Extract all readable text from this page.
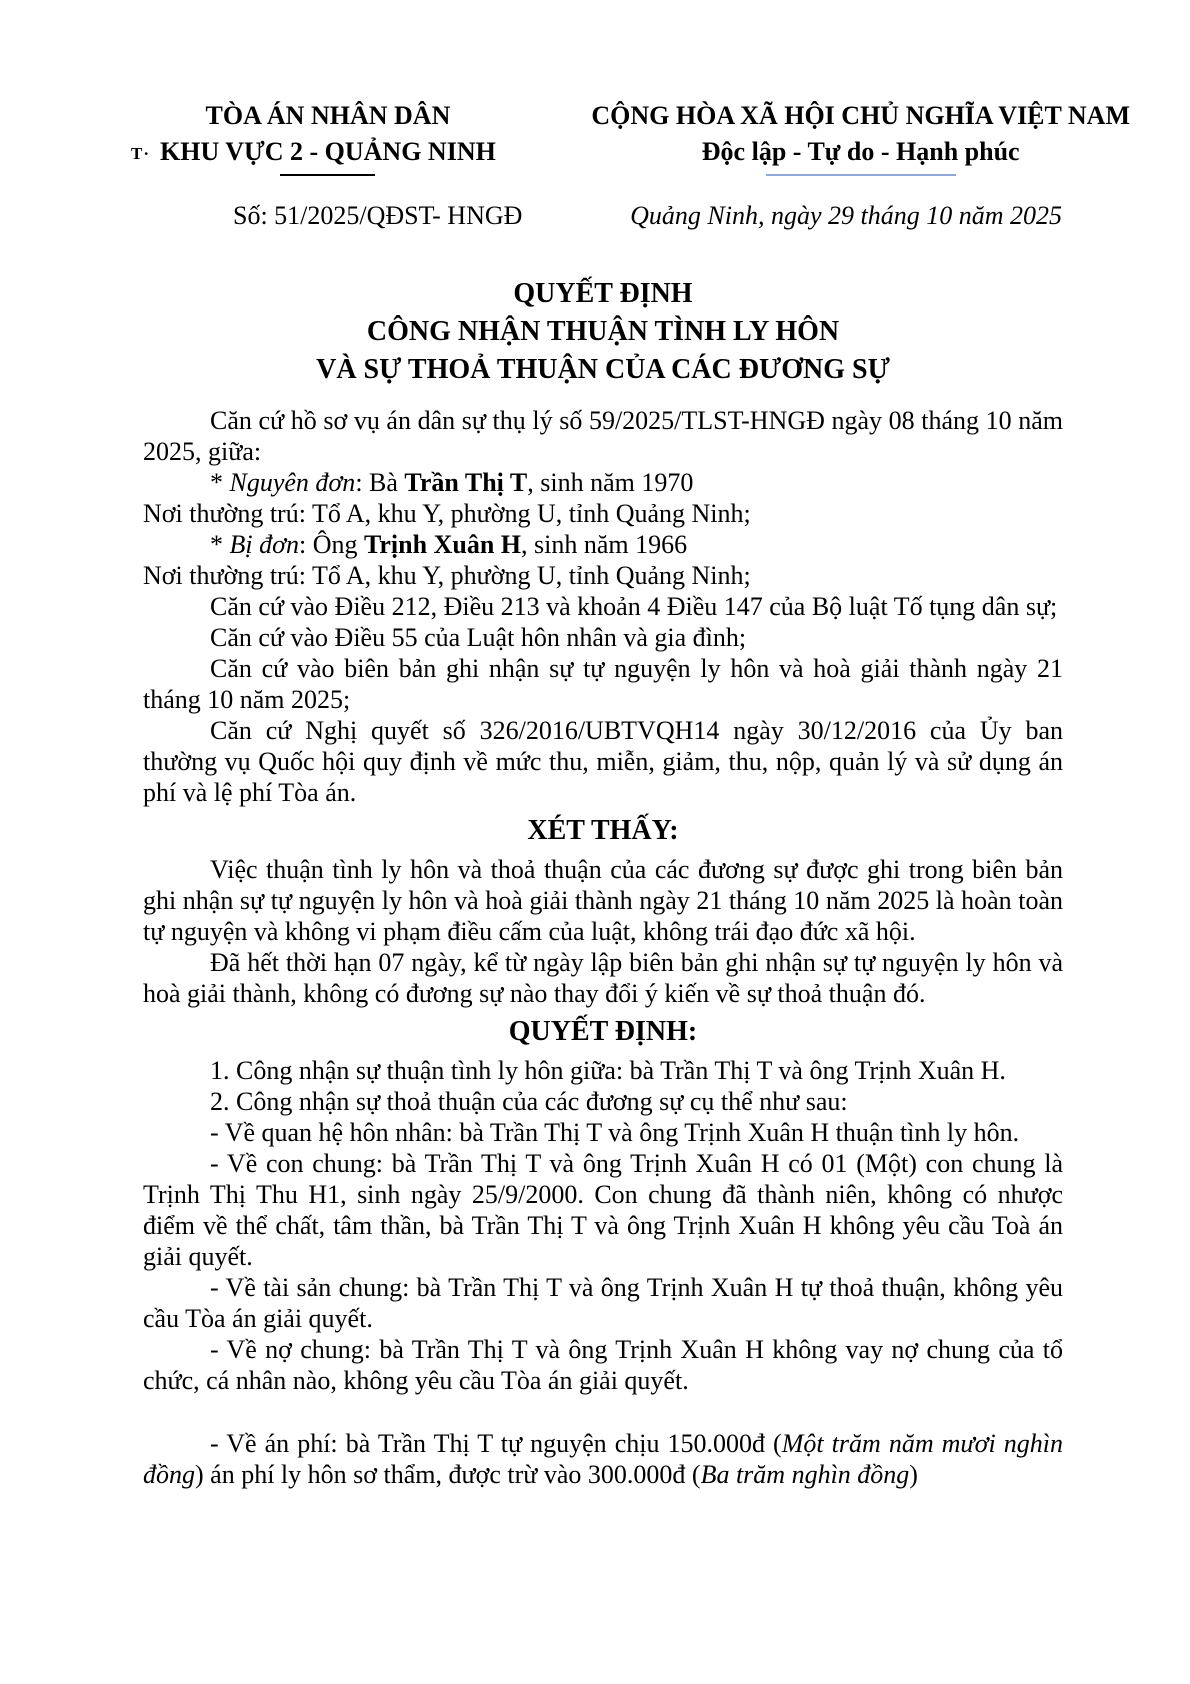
T·
TÒA ÁN NHÂN DÂN
KHU VỰC 2 - QUẢNG NINH
CỘNG HÒA XÃ HỘI CHỦ NGHĨA VIỆT NAM
Độc lập - Tự do - Hạnh phúc
Số: 51/2025/QĐST- HNGĐ	Quảng Ninh, ngày 29 tháng 10 năm 2025
QUYẾT ĐỊNH
CÔNG NHẬN THUẬN TÌNH LY HÔN
VÀ SỰ THOẢ THUẬN CỦA CÁC ĐƯƠNG SỰ

Căn cứ hồ sơ vụ án dân sự thụ lý số 59/2025/TLST-HNGĐ ngày 08 tháng 10 năm 2025, giữa:

* Nguyên đơn: Bà Trần Thị T, sinh năm 1970

Nơi thường trú: Tổ A, khu Y, phường U, tỉnh Quảng Ninh;

* Bị đơn: Ông Trịnh Xuân H, sinh năm 1966

Nơi thường trú: Tổ A, khu Y, phường U, tỉnh Quảng Ninh;

Căn cứ vào Điều 212, Điều 213 và khoản 4 Điều 147 của Bộ luật Tố tụng dân sự;

Căn cứ vào Điều 55 của Luật hôn nhân và gia đình;

Căn cứ vào biên bản ghi nhận sự tự nguyện ly hôn và hoà giải thành ngày 21 tháng 10 năm 2025;

Căn cứ Nghị quyết số 326/2016/UBTVQH14 ngày 30/12/2016 của Ủy ban thường vụ Quốc hội quy định về mức thu, miễn, giảm, thu, nộp, quản lý và sử dụng án phí và lệ phí Tòa án.

XÉT THẤY:

Việc thuận tình ly hôn và thoả thuận của các đương sự được ghi trong biên bản ghi nhận sự tự nguyện ly hôn và hoà giải thành ngày 21 tháng 10 năm 2025 là hoàn toàn tự nguyện và không vi phạm điều cấm của luật, không trái đạo đức xã hội.

Đã hết thời hạn 07 ngày, kể từ ngày lập biên bản ghi nhận sự tự nguyện ly hôn và hoà giải thành, không có đương sự nào thay đổi ý kiến về sự thoả thuận đó.

QUYẾT ĐỊNH:

1. Công nhận sự thuận tình ly hôn giữa: bà Trần Thị T và ông Trịnh Xuân H.

2. Công nhận sự thoả thuận của các đương sự cụ thể như sau:

- Về quan hệ hôn nhân: bà Trần Thị T và ông Trịnh Xuân H thuận tình ly hôn.

- Về con chung: bà Trần Thị T và ông Trịnh Xuân H có 01 (Một) con chung là Trịnh Thị Thu H1, sinh ngày 25/9/2000. Con chung đã thành niên, không có nhược điểm về thể chất, tâm thần, bà Trần Thị T và ông Trịnh Xuân H không yêu cầu Toà án giải quyết.

- Về tài sản chung: bà Trần Thị T và ông Trịnh Xuân H tự thoả thuận, không yêu cầu Tòa án giải quyết.

- Về nợ chung: bà Trần Thị T và ông Trịnh Xuân H không vay nợ chung của tổ chức, cá nhân nào, không yêu cầu Tòa án giải quyết.

- Về án phí: bà Trần Thị T tự nguyện chịu 150.000đ (Một trăm năm mươi nghìn đồng) án phí ly hôn sơ thẩm, được trừ vào 300.000đ (Ba trăm nghìn đồng)
